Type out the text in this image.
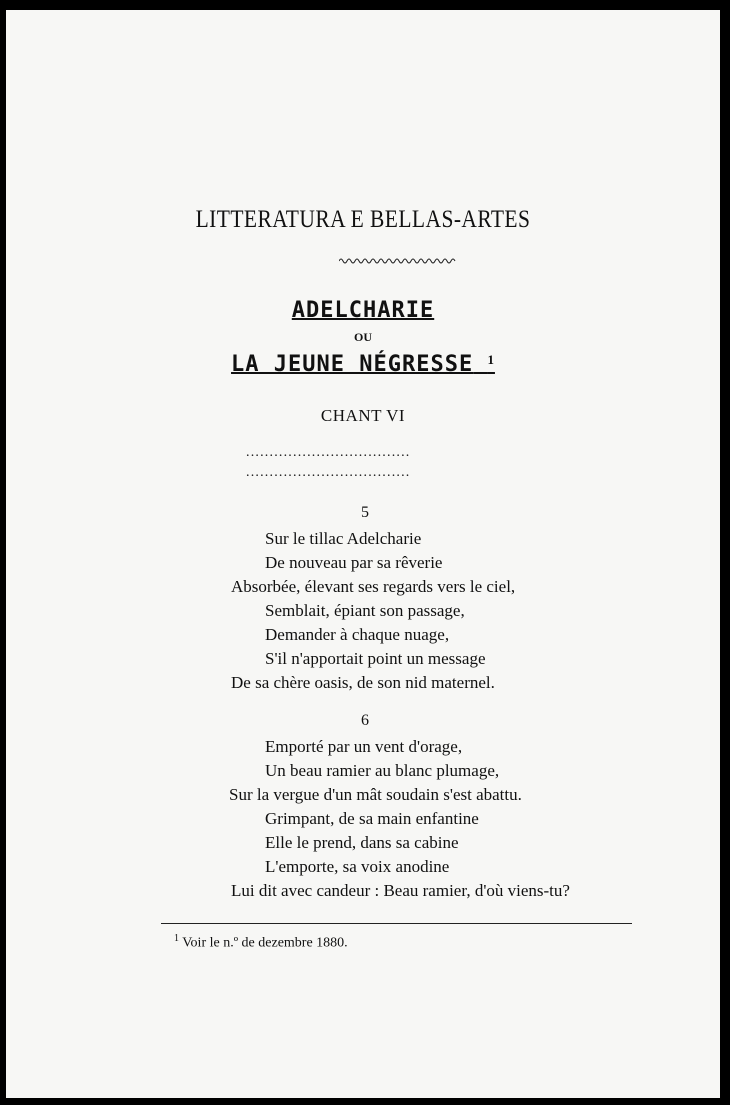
LITTERATURA E BELLAS-ARTES
ADELCHARIE
OU
LA JEUNE NÉGRESSE $^1$
CHANT VI
...................................
...................................
5
Sur le tillac Adelcharie
De nouveau par sa rêverie
Absorbée, élevant ses regards vers le ciel,
Semblait, épiant son passage,
Demander à chaque nuage,
S'il n'apportait point un message
De sa chère oasis, de son nid maternel.
6
Emporté par un vent d'orage,
Un beau ramier au blanc plumage,
Sur la vergue d'un mât soudain s'est abattu.
Grimpant, de sa main enfantine
Elle le prend, dans sa cabine
L'emporte, sa voix anodine
Lui dit avec candeur : Beau ramier, d'où viens-tu?
$^1$ Voir le n.º de dezembre 1880.
